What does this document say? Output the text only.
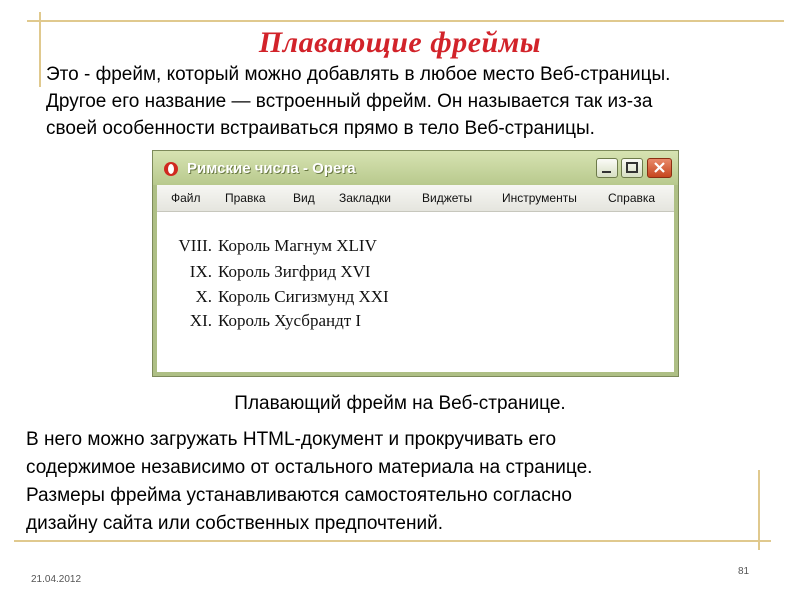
Плавающие фреймы

Это - фрейм, который можно добавлять в любое место Веб-страницы.

Другое его название — встроенный фрейм. Он называется так из-за

своей особенности встраиваться прямо в тело Веб-страницы.

Римские числа - Opera
Файл Правка Вид Закладки	Виджеты Инструменты	Справка
VIII. Король Магнум XLIV
IX. Король Зигфрид XVI
X. Король Сигизмунд XXI
XI. Король Хусбрандт I
Плавающий фрейм на Веб-странице.

В него можно загружать HTML-документ и прокручивать его

содержимое независимо от остального материала на странице.

Размеры фрейма устанавливаются самостоятельно согласно

дизайну сайта или собственных предпочтений.

21.04.2012
81
